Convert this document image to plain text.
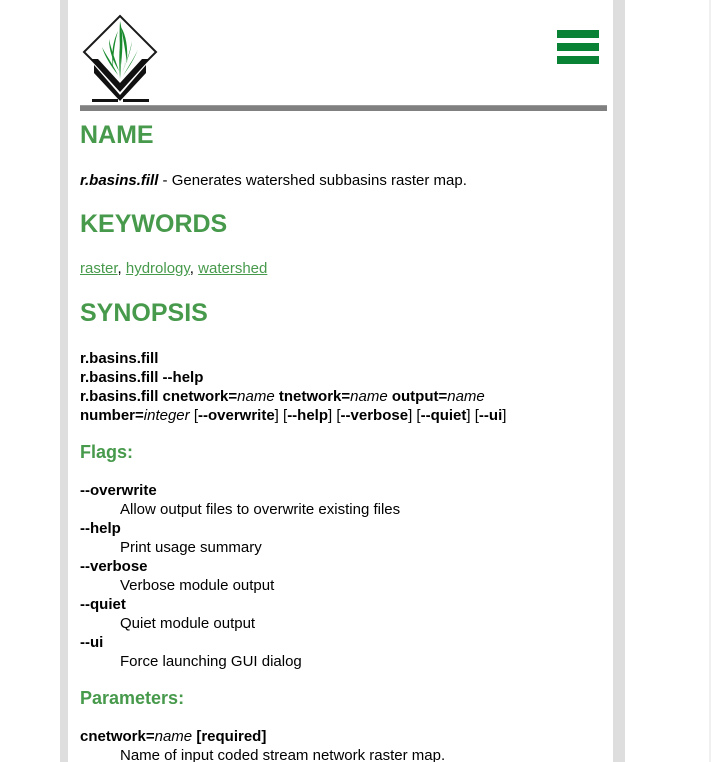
NAME

r.basins.fill - Generates watershed subbasins raster map.

KEYWORDS

raster, hydrology, watershed

SYNOPSIS
r.basins.fill
r.basins.fill --help
r.basins.fill cnetwork=name tnetwork=name output=name
number=integer [--overwrite] [--help] [--verbose] [--quiet] [--ui]
Flags:
--overwrite
Allow output files to overwrite existing files
--help
Print usage summary
--verbose
Verbose module output
--quiet
Quiet module output
--ui
Force launching GUI dialog
Parameters:
cnetwork=name [required]
Name of input coded stream network raster map.
